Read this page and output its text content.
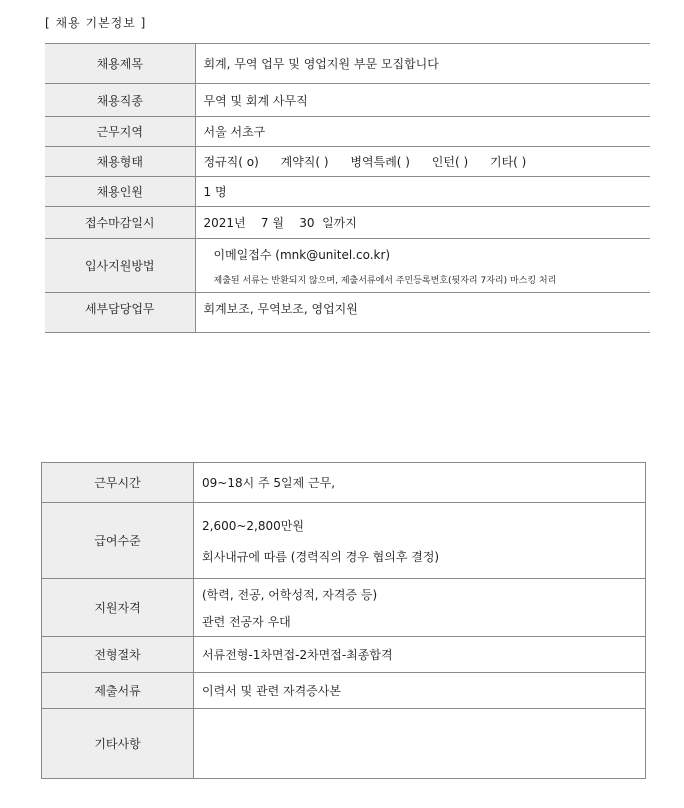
[ 채용 기본정보 ]
채용제목	회계, 무역 업무 및 영업지원 부문 모집합니다
채용직종	무역 및 회계 사무직
근무지역	서울 서초구
채용형태	정규직( o) 계약직( ) 병역특례( ) 인턴( ) 기타( )
채용인원	1 명
접수마감일시	2021년    7 월    30  일까지
입사지원방법	이메일접수 (mnk@unitel.co.kr)
제출된 서류는 반환되지 않으며, 제출서류에서 주민등록번호(뒷자리 7자리) 마스킹 처리

세부담당업무	회계보조, 무역보조, 영업지원
근무시간	09~18시 주 5일제 근무,
급여수준	2,600~2,800만원
회사내규에 따름 (경력직의 경우 협의후 결정)

지원자격	(학력, 전공, 어학성적, 자격증 등)
관련 전공자 우대

전형절차	서류전형-1차면접-2차면접-최종합격
제출서류	이력서 및 관련 자격증사본
기타사항	
